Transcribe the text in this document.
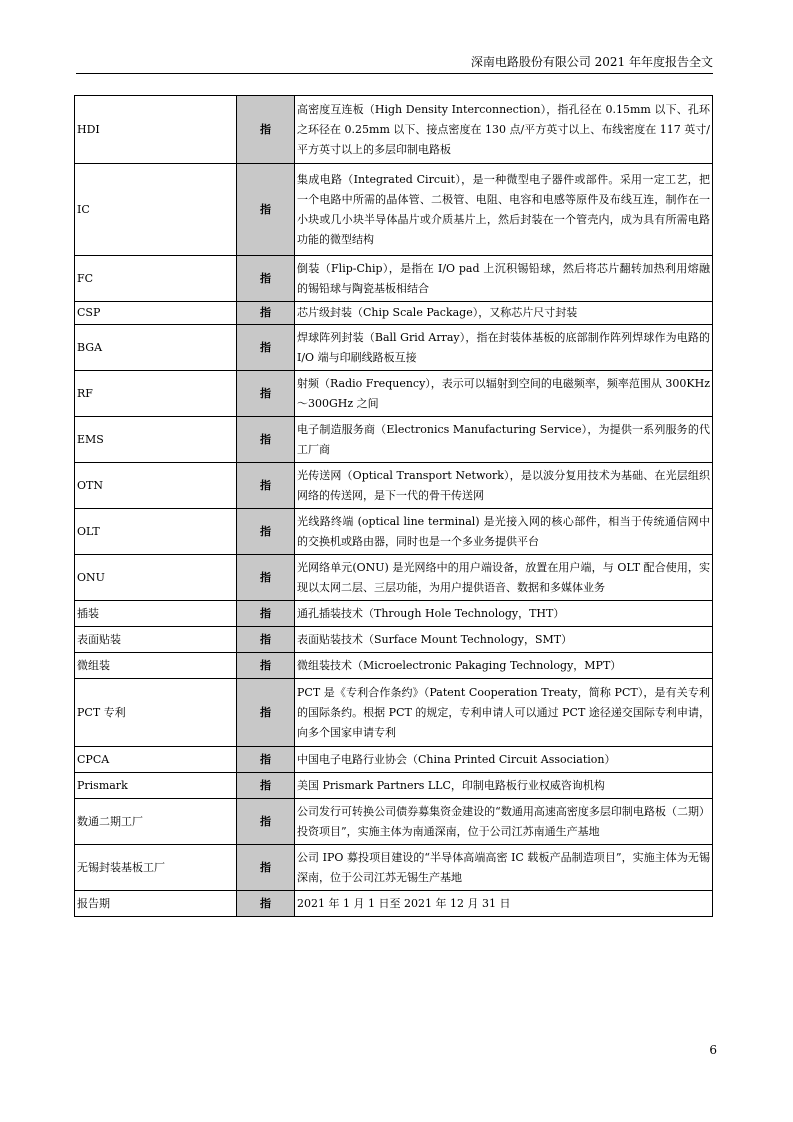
深南电路股份有限公司 2021 年年度报告全文
HDI	指	高密度互连板（High Density Interconnection），指孔径在 0.15mm 以下、孔环之环径在 0.25mm 以下、接点密度在 130 点/平方英寸以上、布线密度在 117 英寸/平方英寸以上的多层印制电路板
IC	指	集成电路（Integrated Circuit），是一种微型电子器件或部件。采用一定工艺，把一个电路中所需的晶体管、二极管、电阻、电容和电感等原件及布线互连，制作在一小块或几小块半导体晶片或介质基片上，然后封装在一个管壳内，成为具有所需电路功能的微型结构
FC	指	倒装（Flip-Chip），是指在 I/O pad 上沉积锡铅球，然后将芯片翻转加热利用熔融的锡铅球与陶瓷基板相结合
CSP	指	芯片级封装（Chip Scale Package），又称芯片尺寸封装
BGA	指	焊球阵列封装（Ball Grid Array），指在封装体基板的底部制作阵列焊球作为电路的 I/O 端与印刷线路板互接
RF	指	射频（Radio Frequency），表示可以辐射到空间的电磁频率，频率范围从 300KHz～300GHz 之间
EMS	指	电子制造服务商（Electronics Manufacturing Service），为提供一系列服务的代工厂商
OTN	指	光传送网（Optical Transport Network），是以波分复用技术为基础、在光层组织网络的传送网，是下一代的骨干传送网
OLT	指	光线路终端 (optical line terminal) 是光接入网的核心部件，相当于传统通信网中的交换机或路由器，同时也是一个多业务提供平台
ONU	指	光网络单元(ONU) 是光网络中的用户端设备，放置在用户端，与 OLT 配合使用，实现以太网二层、三层功能，为用户提供语音、数据和多媒体业务
插装	指	通孔插装技术（Through Hole Technology，THT）
表面贴装	指	表面贴装技术（Surface Mount Technology，SMT）
微组装	指	微组装技术（Microelectronic Pakaging Technology，MPT）
PCT 专利	指	PCT 是《专利合作条约》（Patent Cooperation Treaty，简称 PCT），是有关专利的国际条约。根据 PCT 的规定，专利申请人可以通过 PCT 途径递交国际专利申请，向多个国家申请专利
CPCA	指	中国电子电路行业协会（China Printed Circuit Association）
Prismark	指	美国 Prismark Partners LLC，印制电路板行业权威咨询机构
数通二期工厂	指	公司发行可转换公司债券募集资金建设的“数通用高速高密度多层印制电路板（二期）投资项目”，实施主体为南通深南，位于公司江苏南通生产基地
无锡封装基板工厂	指	公司 IPO 募投项目建设的“半导体高端高密 IC 载板产品制造项目”，实施主体为无锡深南，位于公司江苏无锡生产基地
报告期	指	2021 年 1 月 1 日至 2021 年 12 月 31 日
6
